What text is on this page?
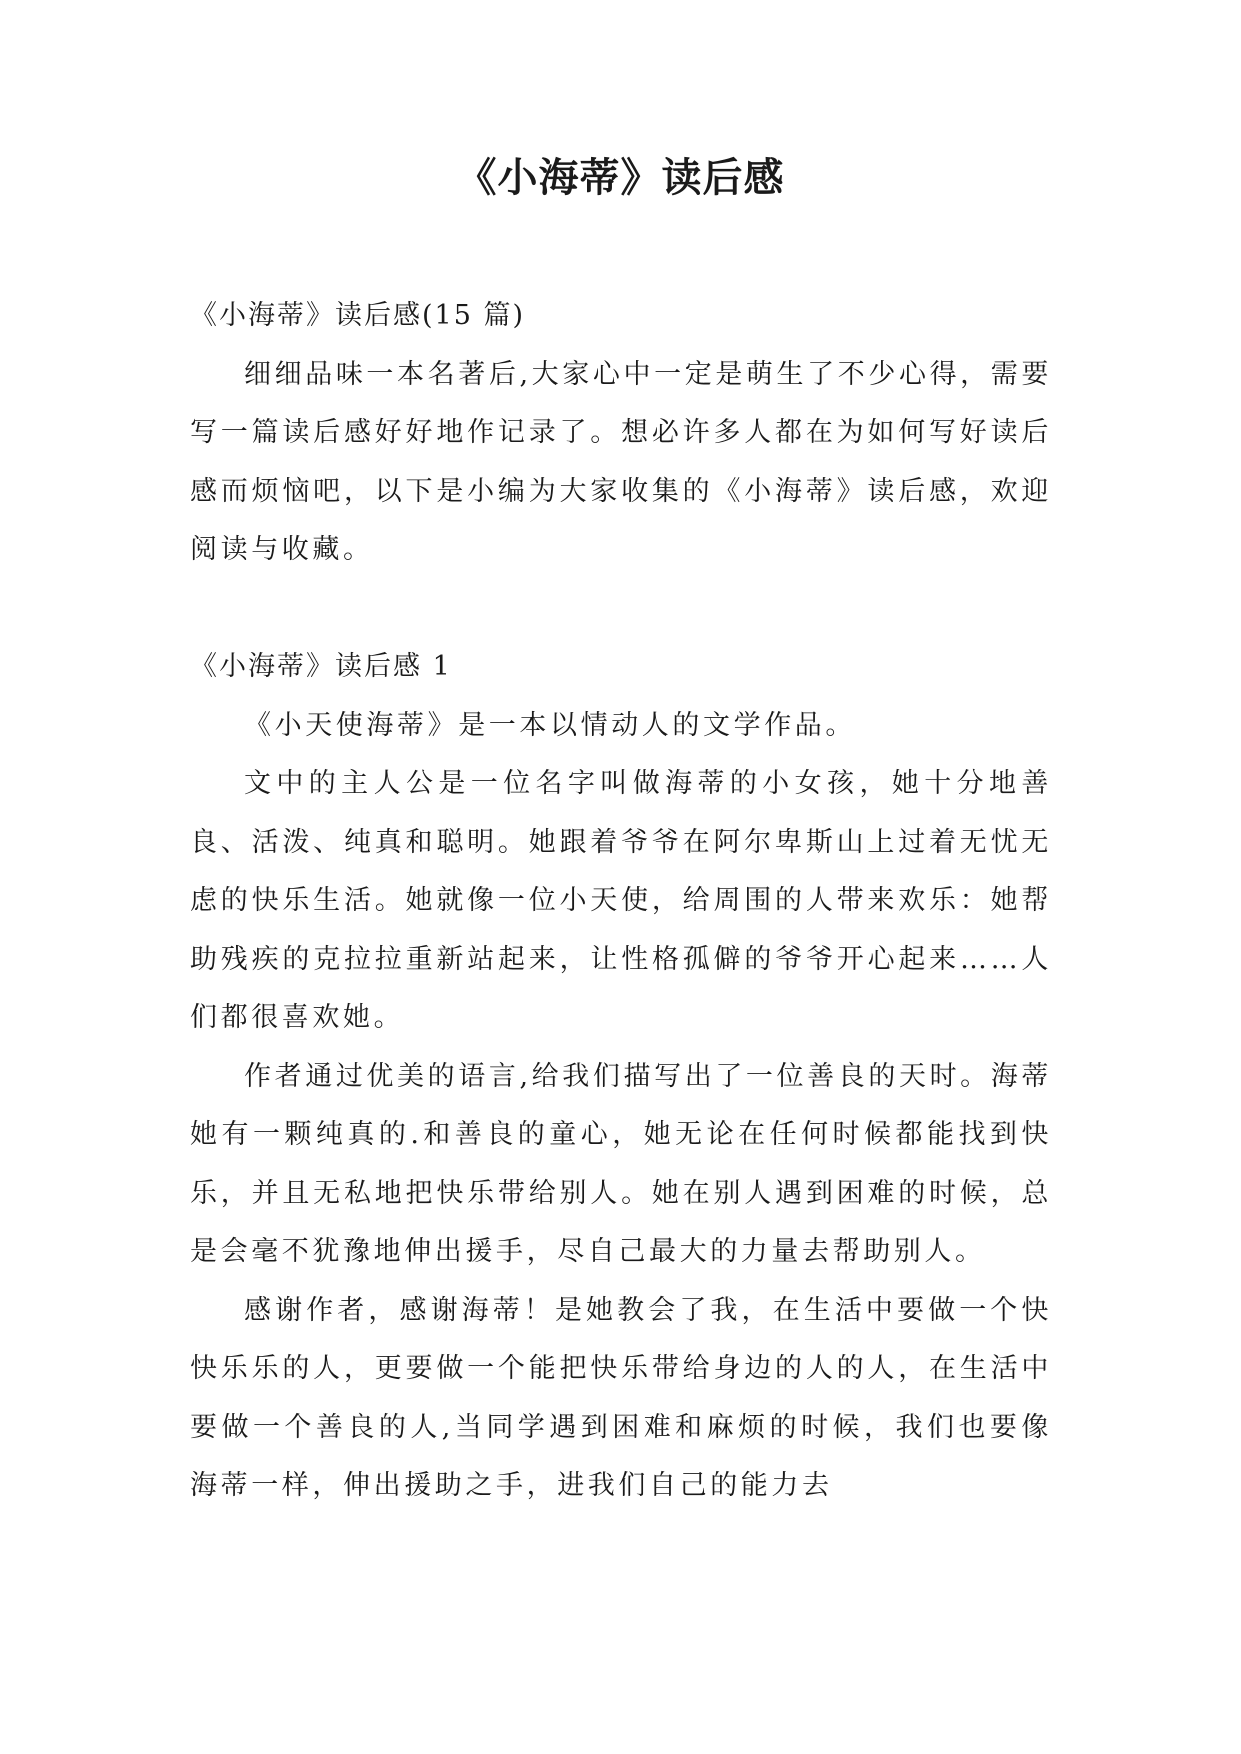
《小海蒂》读后感

《小海蒂》读后感(15 篇)

细细品味一本名著后,大家心中一定是萌生了不少心得，需要写一篇读后感好好地作记录了。想必许多人都在为如何写好读后感而烦恼吧，以下是小编为大家收集的《小海蒂》读后感，欢迎阅读与收藏。

《小海蒂》读后感 1

《小天使海蒂》是一本以情动人的文学作品。

文中的主人公是一位名字叫做海蒂的小女孩，她十分地善良、活泼、纯真和聪明。她跟着爷爷在阿尔卑斯山上过着无忧无虑的快乐生活。她就像一位小天使，给周围的人带来欢乐：她帮助残疾的克拉拉重新站起来，让性格孤僻的爷爷开心起来……人们都很喜欢她。

作者通过优美的语言,给我们描写出了一位善良的天时。海蒂她有一颗纯真的.和善良的童心，她无论在任何时候都能找到快乐，并且无私地把快乐带给别人。她在别人遇到困难的时候，总是会毫不犹豫地伸出援手，尽自己最大的力量去帮助别人。

感谢作者，感谢海蒂！是她教会了我，在生活中要做一个快快乐乐的人，更要做一个能把快乐带给身边的人的人，在生活中要做一个善良的人,当同学遇到困难和麻烦的时候，我们也要像海蒂一样，伸出援助之手，进我们自己的能力去
